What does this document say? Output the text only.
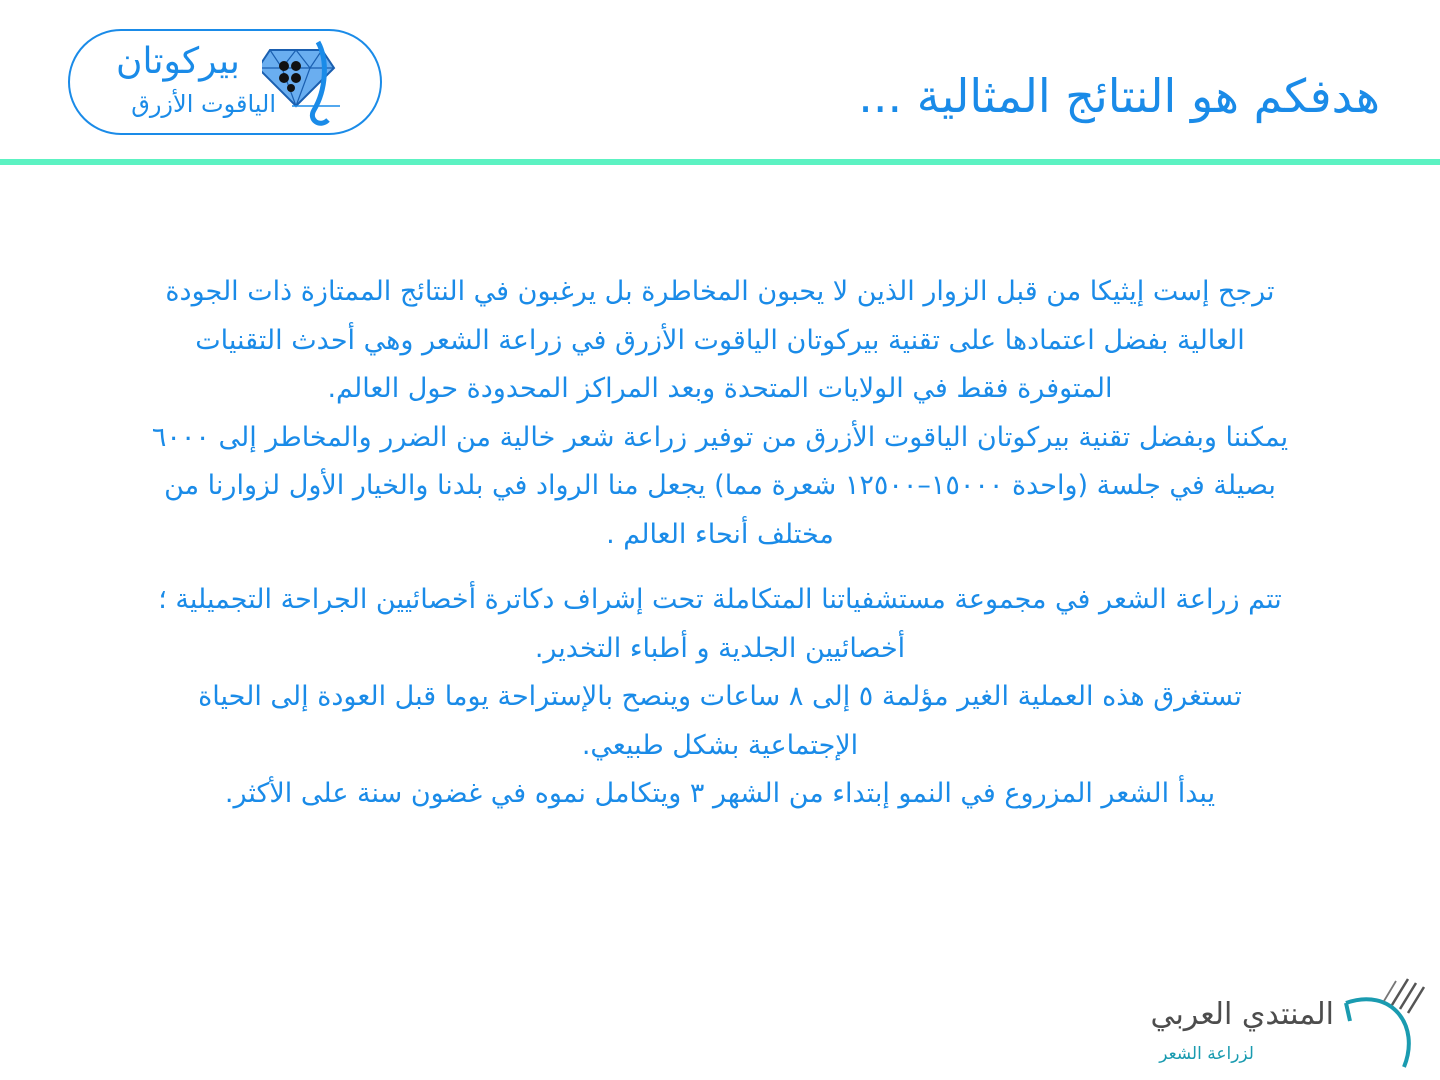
بيركوتان
الياقوت الأزرق	هدفكم هو النتائج المثالية ...

ترجح إست إيثيكا من قبل الزوار الذين لا يحبون المخاطرة بل يرغبون في النتائج الممتازة ذات الجودة العالية بفضل اعتمادها على تقنية بيركوتان الياقوت الأزرق في زراعة الشعر وهي أحدث التقنيات المتوفرة فقط في الولايات المتحدة وبعد المراكز المحدودة حول العالم.

يمكننا وبفضل تقنية بيركوتان الياقوت الأزرق من توفير زراعة شعر خالية من الضرر والمخاطر إلى ٦٠٠٠ بصيلة في جلسة (واحدة ١٥٠٠٠–١٢٥٠٠ شعرة مما) يجعل منا الرواد في بلدنا والخيار الأول لزوارنا من مختلف أنحاء العالم .

تتم زراعة الشعر في مجموعة مستشفياتنا المتكاملة تحت إشراف دكاترة أخصائيين الجراحة التجميلية ؛ أخصائيين الجلدية و أطباء التخدير.

تستغرق هذه العملية الغير مؤلمة ٥ إلى ٨ ساعات وينصح بالإستراحة يوما قبل العودة إلى الحياة الإجتماعية بشكل طبيعي.

يبدأ الشعر المزروع في النمو إبتداء من الشهر ٣ ويتكامل نموه في غضون سنة على الأكثر.

المنتدي العربي
لزراعة الشعر
